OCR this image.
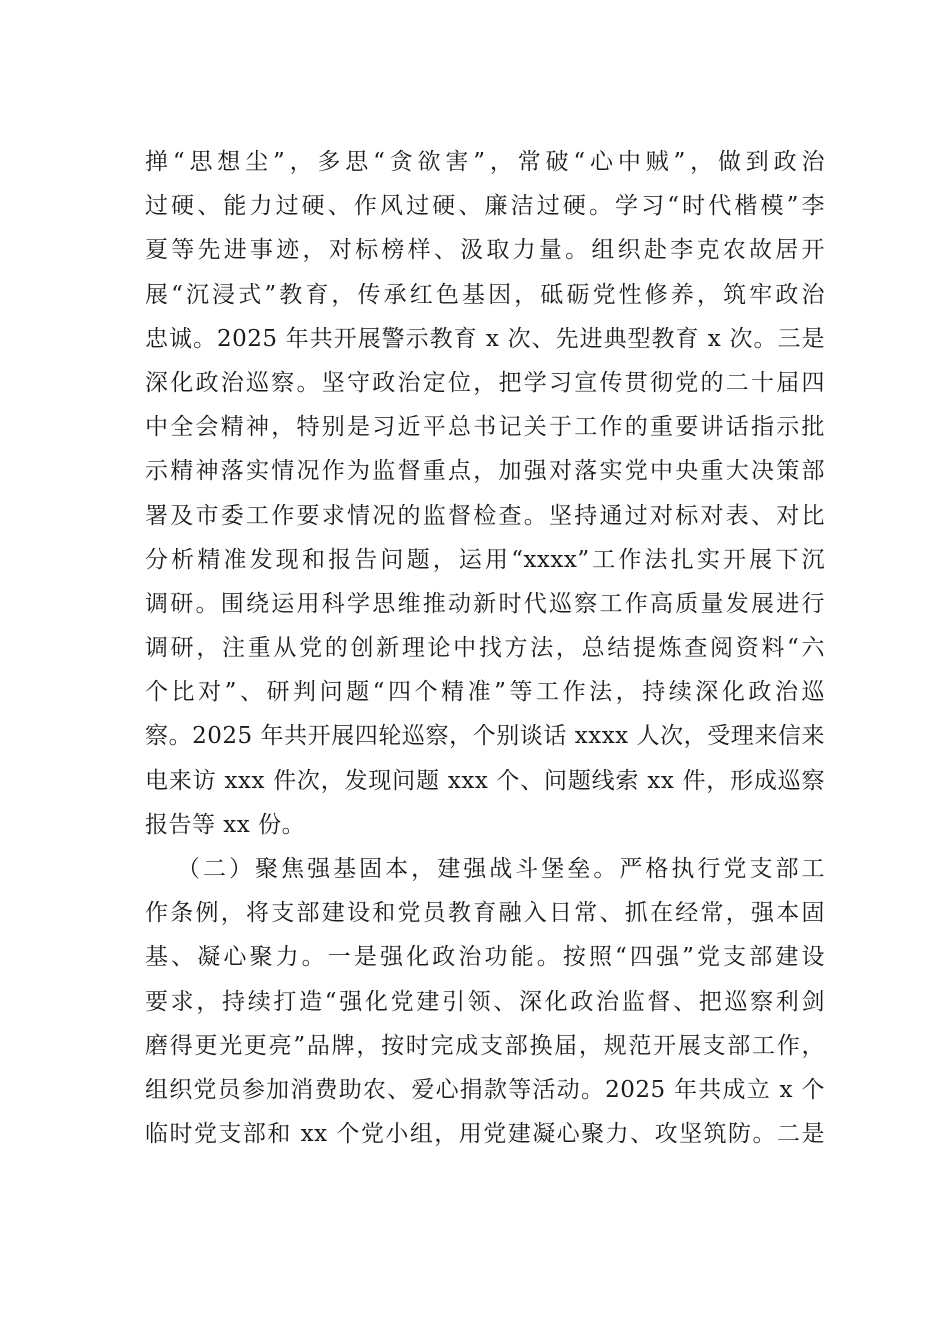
掸“思想尘”，多思“贪欲害”，常破“心中贼”，做到政治
过硬、能力过硬、作风过硬、廉洁过硬。学习“时代楷模”李
夏等先进事迹，对标榜样、汲取力量。组织赴李克农故居开
展“沉浸式”教育，传承红色基因，砥砺党性修养，筑牢政治
忠诚。2025 年共开展警示教育 x 次、先进典型教育 x 次。三是
深化政治巡察。坚守政治定位，把学习宣传贯彻党的二十届四
中全会精神，特别是习近平总书记关于工作的重要讲话指示批
示精神落实情况作为监督重点，加强对落实党中央重大决策部
署及市委工作要求情况的监督检查。坚持通过对标对表、对比
分析精准发现和报告问题，运用“xxxx”工作法扎实开展下沉
调研。围绕运用科学思维推动新时代巡察工作高质量发展进行
调研，注重从党的创新理论中找方法，总结提炼查阅资料“六
个比对”、研判问题“四个精准”等工作法，持续深化政治巡
察。2025 年共开展四轮巡察，个别谈话 xxxx 人次，受理来信来
电来访 xxx 件次，发现问题 xxx 个、问题线索 xx 件，形成巡察
报告等 xx 份。
（二）聚焦强基固本，建强战斗堡垒。严格执行党支部工
作条例，将支部建设和党员教育融入日常、抓在经常，强本固
基、凝心聚力。一是强化政治功能。按照“四强”党支部建设
要求，持续打造“强化党建引领、深化政治监督、把巡察利剑
磨得更光更亮”品牌，按时完成支部换届，规范开展支部工作，
组织党员参加消费助农、爱心捐款等活动。2025 年共成立 x 个
临时党支部和 xx 个党小组，用党建凝心聚力、攻坚筑防。二是
